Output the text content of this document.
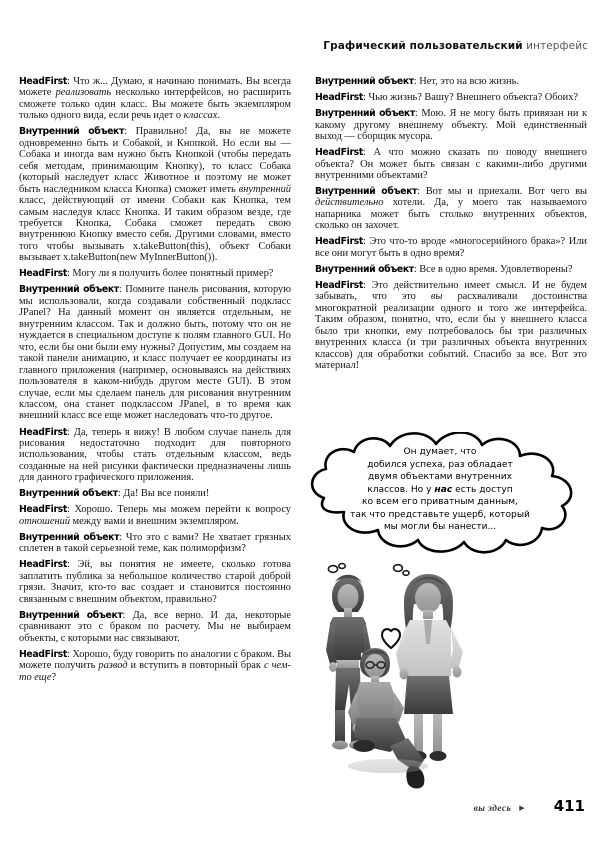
Графический пользовательский интерфейс
HeadFirst: Что ж... Думаю, я начинаю понимать. Вы всегда можете реализовать несколько интерфейсов, но расширить сможете только один класс. Вы можете быть экземпляром только одного вида, если речь идет о классах.
Внутренний объект: Правильно! Да, вы не можете одновременно быть и Собакой, и Кнопкой. Но если вы — Собака и иногда вам нужно быть Кнопкой (чтобы передать себя методам, принимающим Кнопку), то класс Собака (который наследует класс Животное и поэтому не может быть наследником класса Кнопка) сможет иметь внутренний класс, действующий от имени Собаки как Кнопка, тем самым наследуя класс Кнопка. И таким образом везде, где требуется Кнопка, Собака сможет передать свою внутреннюю Кнопку вместо себя. Другими словами, вместо того чтобы вызывать x.takeButton(this), объект Собаки вызывает x.takeButton(new MyInnerButton()).
HeadFirst: Могу ли я получить более понятный пример?
Внутренний объект: Помните панель рисования, которую мы использовали, когда создавали собственный подкласс JPanel? На данный момент он является отдельным, не внутренним классом. Так и должно быть, потому что он не нуждается в специальном доступе к полям главного GUI. Но что, если бы они были ему нужны? Допустим, мы создаем на такой панели анимацию, и класс получает ее координаты из главного приложения (например, основываясь на действиях пользователя в каком-нибудь другом месте GUI). В этом случае, если мы сделаем панель для рисования внутренним классом, она станет подклассом JPanel, в то время как внешний класс все еще может наследовать что-то другое.
HeadFirst: Да, теперь я вижу! В любом случае панель для рисования недостаточно подходит для повторного использования, чтобы стать отдельным классом, ведь созданные на ней рисунки фактически предназначены лишь для данного графического приложения.
Внутренний объект: Да! Вы все поняли!
HeadFirst: Хорошо. Теперь мы можем перейти к вопросу отношений между вами и внешним экземпляром.
Внутренний объект: Что это с вами? Не хватает грязных сплетен в такой серьезной теме, как полиморфизм?
HeadFirst: Эй, вы понятия не имеете, сколько готова заплатить публика за небольшое количество старой доброй грязи. Значит, кто-то вас создает и становится постоянно связанным с внешним объектом, правильно?
Внутренний объект: Да, все верно. И да, некоторые сравнивают это с браком по расчету. Мы не выбираем объекты, с которыми нас связывают.
HeadFirst: Хорошо, буду говорить по аналогии с браком. Вы можете получить развод и вступить в повторный брак с чем-то еще?
Внутренний объект: Нет, это на всю жизнь.
HeadFirst: Чью жизнь? Вашу? Внешнего объекта? Обоих?
Внутренний объект: Мою. Я не могу быть привязан ни к какому другому внешнему объекту. Мой единственный выход — сборщик мусора.
HeadFirst: А что можно сказать по поводу внешнего объекта? Он может быть связан с какими-либо другими внутренними объектами?
Внутренний объект: Вот мы и приехали. Вот чего вы действительно хотели. Да, у моего так называемого напарника может быть столько внутренних объектов, сколько он захочет.
HeadFirst: Это что-то вроде «многосерийного брака»? Или все они могут быть в одно время?
Внутренний объект: Все в одно время. Удовлетворены?
HeadFirst: Это действительно имеет смысл. И не будем забывать, что это вы расхваливали достоинства многократной реализации одного и того же интерфейса. Таким образом, понятно, что, если бы у внешнего класса было три кнопки, ему потребовалось бы три различных внутренних класса (и три различных объекта внутренних классов) для обработки событий. Спасибо за все. Вот это материал!
Он думает, что
добился успеха, раз обладает
двумя объектами внутренних
классов. Но у нас есть доступ
ко всем его приватным данным,
так что представьте ущерб, который
мы могли бы нанести...
вы здесь ▶ 411
